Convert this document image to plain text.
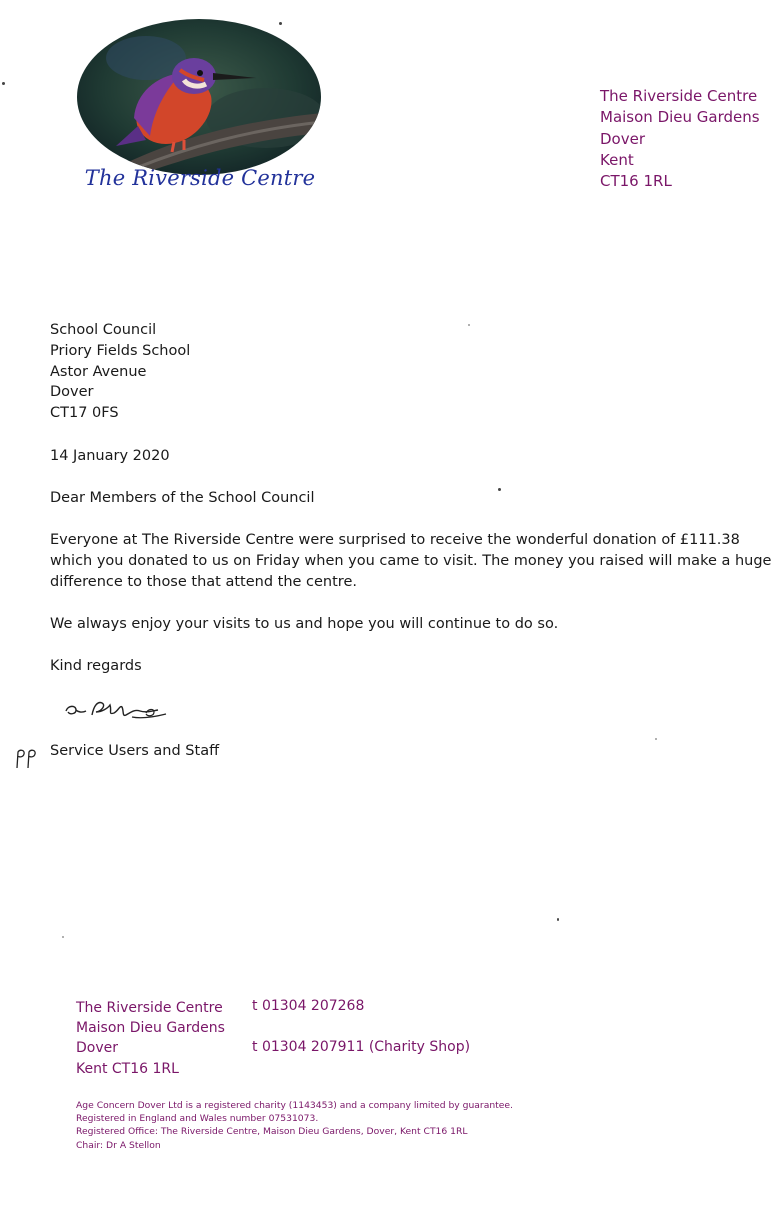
The Riverside Centre
The Riverside Centre
Maison Dieu Gardens
Dover
Kent
CT16 1RL
School Council
Priory Fields School
Astor Avenue
Dover
CT17 0FS
14 January 2020
Dear Members of the School Council
Everyone at The Riverside Centre were surprised to receive the wonderful donation of £111.38
which you donated to us on Friday when you came to visit. The money you raised will make a huge
difference to those that attend the centre.
We always enjoy your visits to us and hope you will continue to do so.
Kind regards
Service Users and Staff
The Riverside Centre
Maison Dieu Gardens
Dover
Kent CT16 1RL
t 01304 207268
t 01304 207911 (Charity Shop)
Age Concern Dover Ltd is a registered charity (1143453) and a company limited by guarantee.
Registered in England and Wales number 07531073.
Registered Office: The Riverside Centre, Maison Dieu Gardens, Dover, Kent CT16 1RL
Chair: Dr A Stellon
